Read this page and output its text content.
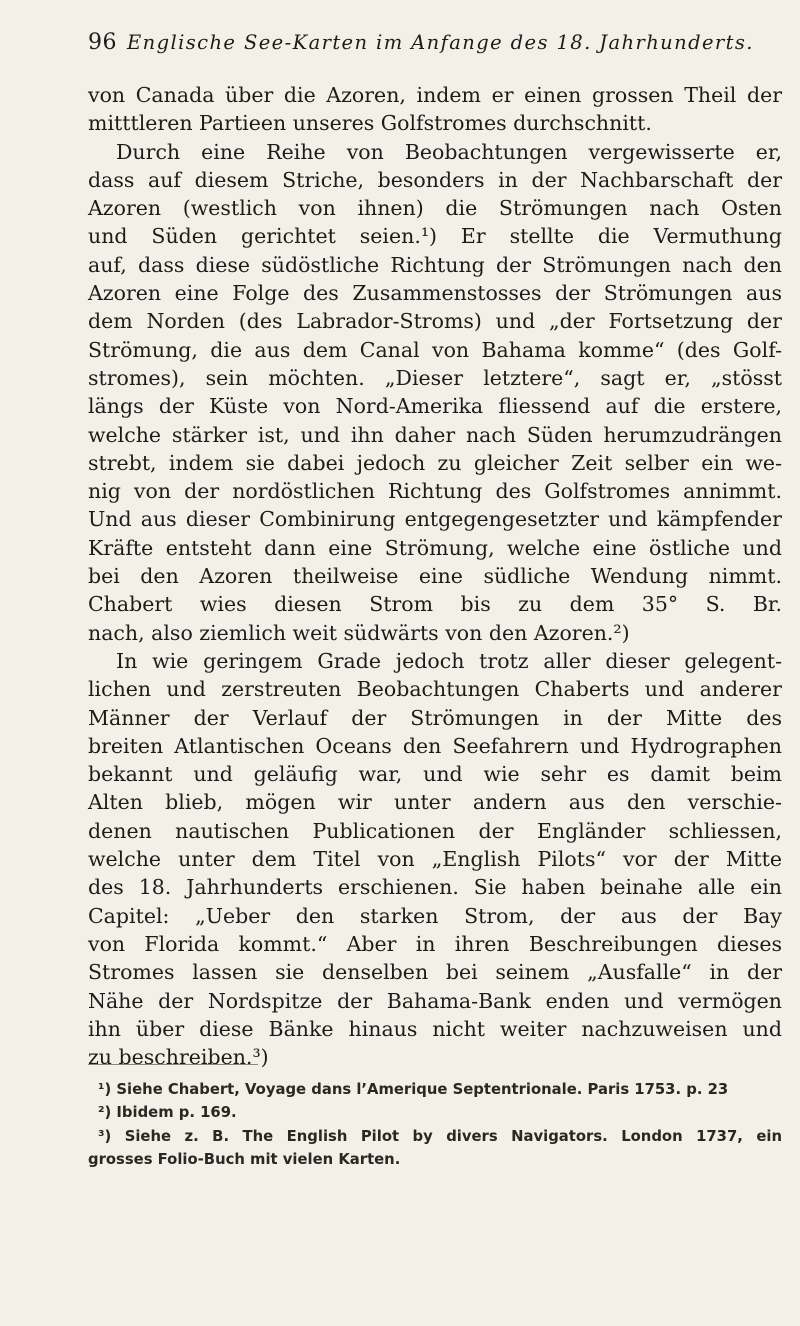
96 Englische See-Karten im Anfange des 18. Jahrhunderts.
von Canada über die Azoren, indem er einen grossen Theil der
mitttleren Partieen unseres Golfstromes durchschnitt.
Durch eine Reihe von Beobachtungen vergewisserte er,
dass auf diesem Striche, besonders in der Nachbarschaft der
Azoren (westlich von ihnen) die Strömungen nach Osten
und Süden gerichtet seien.¹) Er stellte die Vermuthung
auf, dass diese südöstliche Richtung der Strömungen nach den
Azoren eine Folge des Zusammenstosses der Strömungen aus
dem Norden (des Labrador-Stroms) und „der Fortsetzung der
Strömung, die aus dem Canal von Bahama komme“ (des Golf-
stromes), sein möchten. „Dieser letztere“, sagt er, „stösst
längs der Küste von Nord-Amerika fliessend auf die erstere,
welche stärker ist, und ihn daher nach Süden herumzudrängen
strebt, indem sie dabei jedoch zu gleicher Zeit selber ein we-
nig von der nordöstlichen Richtung des Golfstromes annimmt.
Und aus dieser Combinirung entgegengesetzter und kämpfender
Kräfte entsteht dann eine Strömung, welche eine östliche und
bei den Azoren theilweise eine südliche Wendung nimmt.
Chabert wies diesen Strom bis zu dem 35° S. Br.
nach, also ziemlich weit südwärts von den Azoren.²)
In wie geringem Grade jedoch trotz aller dieser gelegent-
lichen und zerstreuten Beobachtungen Chaberts und anderer
Männer der Verlauf der Strömungen in der Mitte des
breiten Atlantischen Oceans den Seefahrern und Hydrographen
bekannt und geläufig war, und wie sehr es damit beim
Alten blieb, mögen wir unter andern aus den verschie-
denen nautischen Publicationen der Engländer schliessen,
welche unter dem Titel von „English Pilots“ vor der Mitte
des 18. Jahrhunderts erschienen. Sie haben beinahe alle ein
Capitel: „Ueber den starken Strom, der aus der Bay
von Florida kommt.“ Aber in ihren Beschreibungen dieses
Stromes lassen sie denselben bei seinem „Ausfalle“ in der
Nähe der Nordspitze der Bahama-Bank enden und vermögen
ihn über diese Bänke hinaus nicht weiter nachzuweisen und
zu beschreiben.³)
¹) Siehe Chabert, Voyage dans l’Amerique Septentrionale. Paris 1753. p. 23
²) Ibidem p. 169.
³) Siehe z. B. The English Pilot by divers Navigators. London 1737, ein
grosses Folio-Buch mit vielen Karten.
